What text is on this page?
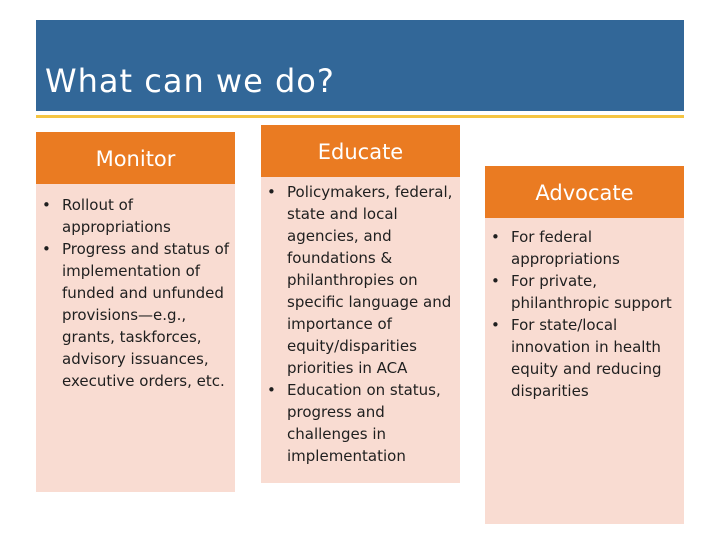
What can we do?
Monitor
• Rollout of appropriations
• Progress and status of implementation of funded and unfunded provisions—e.g., grants, taskforces, advisory issuances, executive orders, etc.
Educate
• Policymakers, federal, state and local agencies, and foundations & philanthropies on specific language and importance of equity/disparities priorities in ACA
• Education on status, progress and challenges in implementation
Advocate
• For federal appropriations
• For private, philanthropic support
• For state/local innovation in health equity and reducing disparities
